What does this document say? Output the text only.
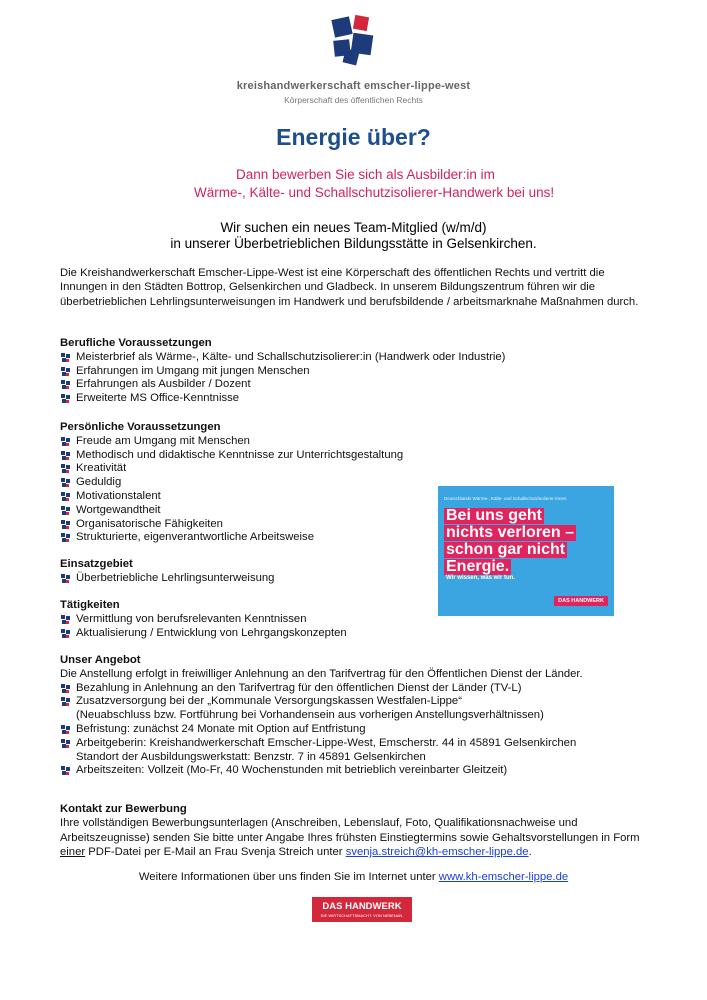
kreishandwerkerschaft emscher-lippe-west
Körperschaft des öffentlichen Rechts
Energie über?
Dann bewerben Sie sich als Ausbilder:in im
Wärme-, Kälte- und Schallschutzisolierer-Handwerk bei uns!
Wir suchen ein neues Team-Mitglied (w/m/d)
in unserer Überbetrieblichen Bildungsstätte in Gelsenkirchen.
Die Kreishandwerkerschaft Emscher-Lippe-West ist eine Körperschaft des öffentlichen Rechts und vertritt die Innungen in den Städten Bottrop, Gelsenkirchen und Gladbeck. In unserem Bildungszentrum führen wir die überbetrieblichen Lehrlingsunterweisungen im Handwerk und berufsbildende / arbeitsmarknahe Maßnahmen durch.
Berufliche Voraussetzungen
Meisterbrief als Wärme-, Kälte- und Schallschutzisolierer:in (Handwerk oder Industrie)
Erfahrungen im Umgang mit jungen Menschen
Erfahrungen als Ausbilder / Dozent
Erweiterte MS Office-Kenntnisse
Persönliche Voraussetzungen
Freude am Umgang mit Menschen
Methodisch und didaktische Kenntnisse zur Unterrichtsgestaltung
Kreativität
Geduldig
Motivationstalent
Wortgewandtheit
Organisatorische Fähigkeiten
Strukturierte, eigenverantwortliche Arbeitsweise
Einsatzgebiet
Überbetriebliche Lehrlingsunterweisung
Tätigkeiten
Vermittlung von berufsrelevanten Kenntnissen
Aktualisierung / Entwicklung von Lehrgangskonzepten
Unser Angebot
Die Anstellung erfolgt in freiwilliger Anlehnung an den Tarifvertrag für den Öffentlichen Dienst der Länder.
Bezahlung in Anlehnung an den Tarifvertrag für den öffentlichen Dienst der Länder (TV-L)
Zusatzversorgung bei der „Kommunale Versorgungskassen Westfalen-Lippe“
(Neuabschluss bzw. Fortführung bei Vorhandensein aus vorherigen Anstellungsverhältnissen)
Befristung: zunächst 24 Monate mit Option auf Entfristung
Arbeitgeberin: Kreishandwerkerschaft Emscher-Lippe-West, Emscherstr. 44 in 45891 Gelsenkirchen
Standort der Ausbildungswerkstatt: Benzstr. 7 in 45891 Gelsenkirchen
Arbeitszeiten: Vollzeit (Mo-Fr, 40 Wochenstunden mit betrieblich vereinbarter Gleitzeit)
Deutschlands Wärme-, Kälte- und Schallschutzisolierer-Innen
Bei uns geht
nichts verloren –
schon gar nicht
Energie.
Wir wissen, was wir tun.
DAS HANDWERK
Kontakt zur Bewerbung
Ihre vollständigen Bewerbungsunterlagen (Anschreiben, Lebenslauf, Foto, Qualifikationsnachweise und Arbeitszeugnisse) senden Sie bitte unter Angabe Ihres frühsten Einstiegtermins sowie Gehaltsvorstellungen in Form einer PDF-Datei per E-Mail an Frau Svenja Streich unter svenja.streich@kh-emscher-lippe.de.
Weitere Informationen über uns finden Sie im Internet unter www.kh-emscher-lippe.de
DAS HANDWERK
DIE WIRTSCHAFTSMACHT. VON NEBENAN.
